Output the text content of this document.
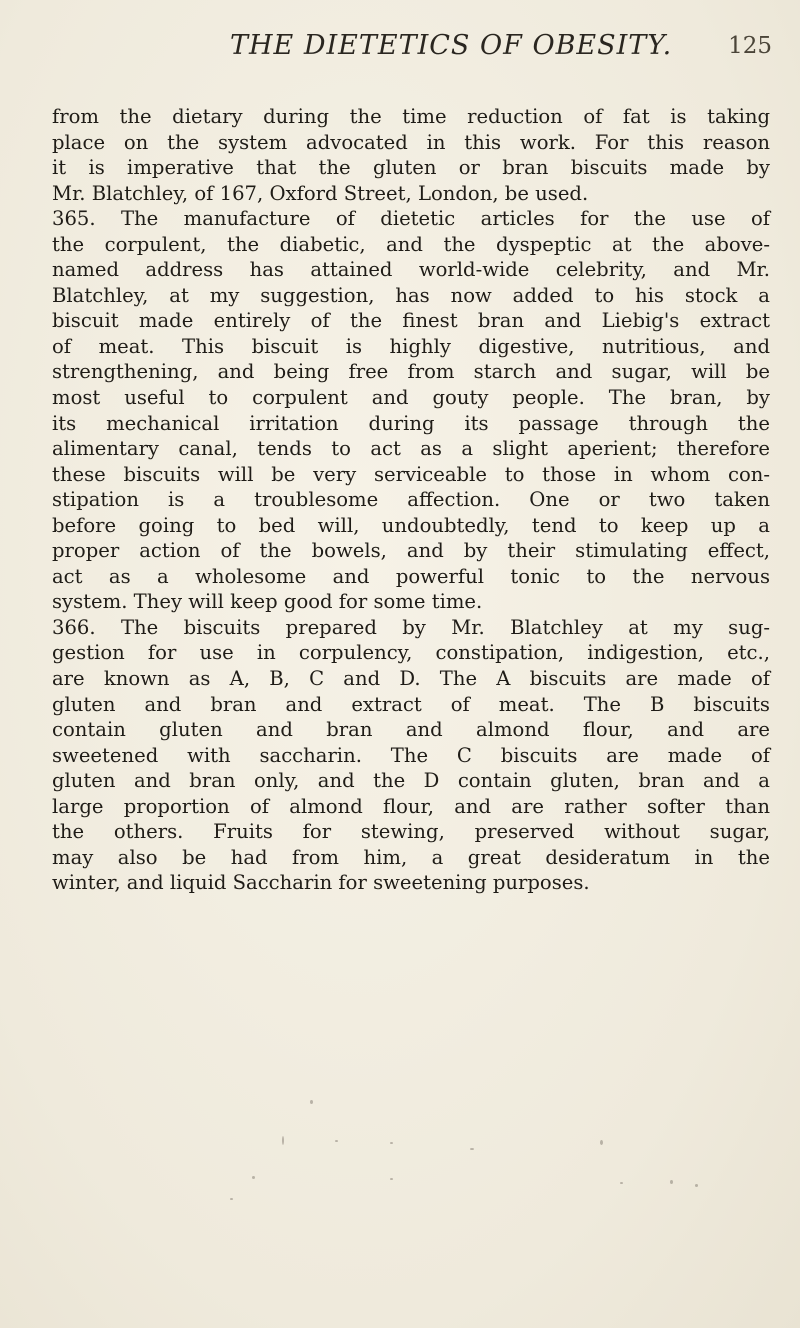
THE DIETETICS OF OBESITY. 125
from the dietary during the time reduction of fat is taking
place on the system advocated in this work. For this reason
it is imperative that the gluten or bran biscuits made by
Mr. Blatchley, of 167, Oxford Street, London, be used.
365. The manufacture of dietetic articles for the use of
the corpulent, the diabetic, and the dyspeptic at the above-
named address has attained world-wide celebrity, and Mr.
Blatchley, at my suggestion, has now added to his stock a
biscuit made entirely of the finest bran and Liebig's extract
of meat. This biscuit is highly digestive, nutritious, and
strengthening, and being free from starch and sugar, will be
most useful to corpulent and gouty people. The bran, by
its mechanical irritation during its passage through the
alimentary canal, tends to act as a slight aperient; therefore
these biscuits will be very serviceable to those in whom con-
stipation is a troublesome affection. One or two taken
before going to bed will, undoubtedly, tend to keep up a
proper action of the bowels, and by their stimulating effect,
act as a wholesome and powerful tonic to the nervous
system. They will keep good for some time.
366. The biscuits prepared by Mr. Blatchley at my sug-
gestion for use in corpulency, constipation, indigestion, etc.,
are known as A, B, C and D. The A biscuits are made of
gluten and bran and extract of meat. The B biscuits
contain gluten and bran and almond flour, and are
sweetened with saccharin. The C biscuits are made of
gluten and bran only, and the D contain gluten, bran and a
large proportion of almond flour, and are rather softer than
the others. Fruits for stewing, preserved without sugar,
may also be had from him, a great desideratum in the
winter, and liquid Saccharin for sweetening purposes.
